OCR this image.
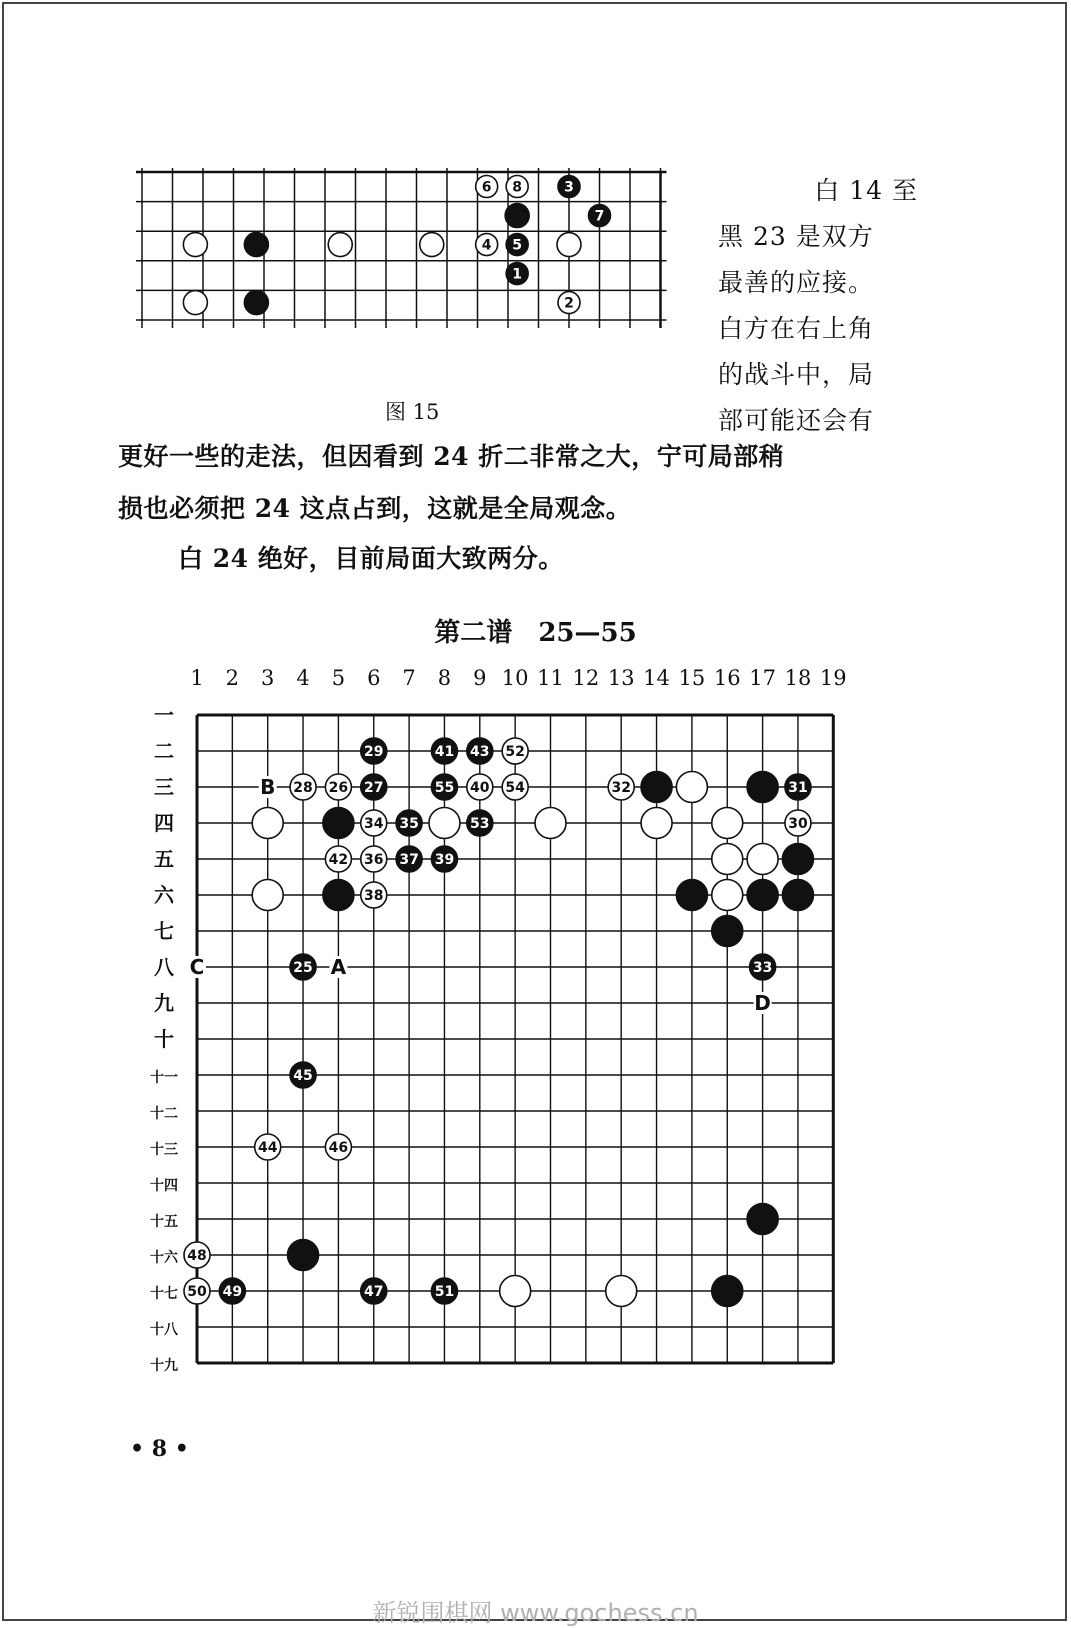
3
7
5
1
6 8
4
2
图 15
白 14 至
黑 23 是双方
最善的应接。
白方在右上角
的战斗中，局
部可能还会有
更好一些的走法，但因看到 24 折二非常之大，宁可局部稍
损也必须把 24 这点占到，这就是全局观念。
白 24 绝好，目前局面大致两分。
第二谱　25—55
1 2 3 4 5 6 7 8 9 10 11 12 13 14 15 16 17 18 19
一
二
三
四
五
六
七
八
九
十
十一
十二
十三
十四
十五
十六
十七
十八
十九
B
A
C
D
29	41 43 52
28 26 27	55 40 54	32	31
34 35	53	30
42 36 37 39
38
25	33
45
44	46
48
50 49	47	51
• 8 •
新锐围棋网 www.gochess.cn
